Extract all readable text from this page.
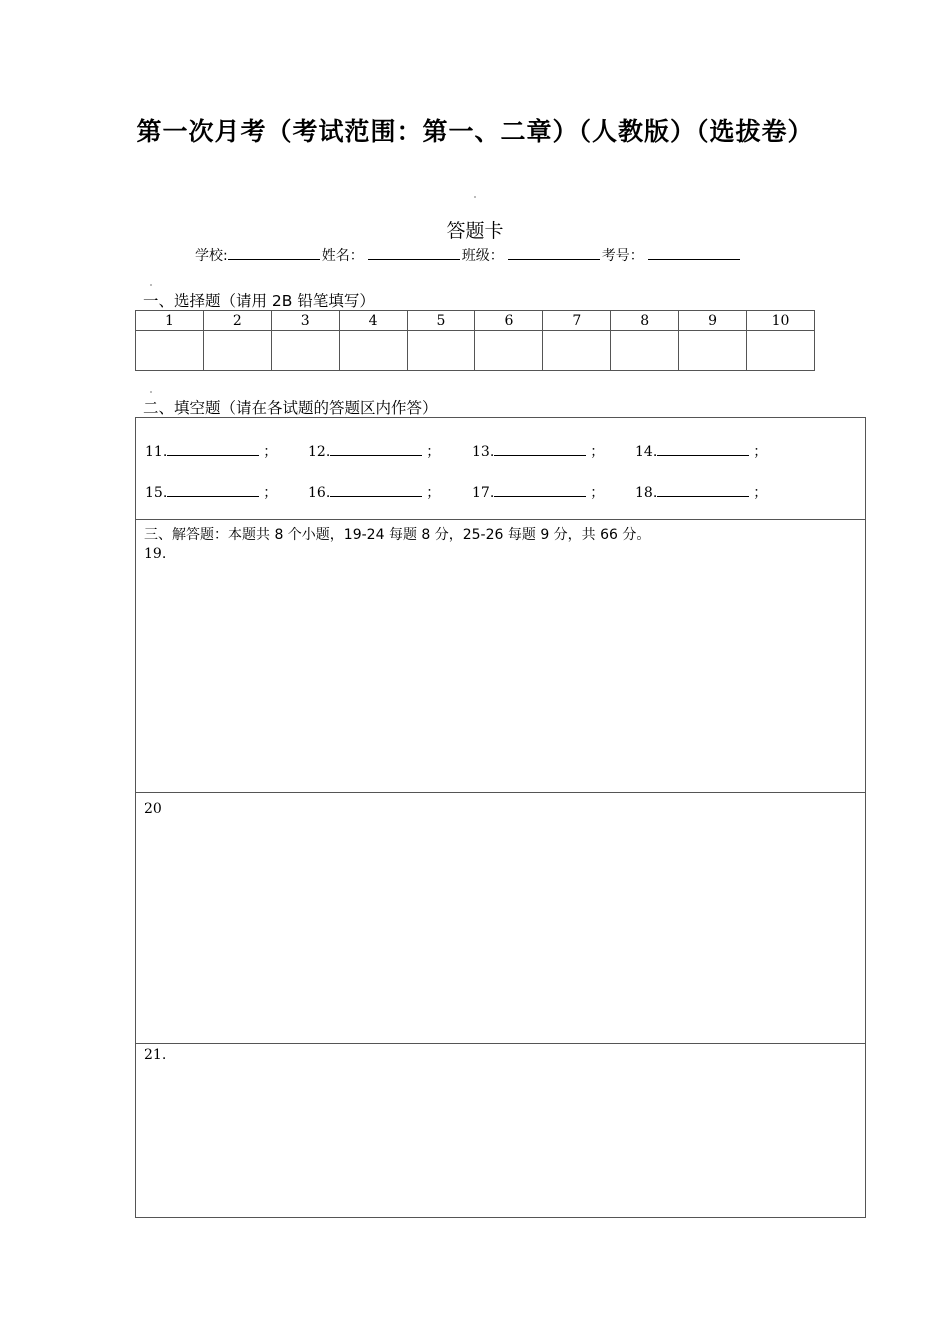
第一次月考（考试范围：第一、二章）（人教版）（选拔卷）
答题卡
学校:	姓名：	班级：	考号：
一、选择题（请用 2B 铅笔填写）
1	2	3	4	5	6	7	8	9	10

二、填空题（请在各试题的答题区内作答）
11.	； 12.	； 13.	； 14.	；
15.	； 16.	； 17.	； 18.	；
三、解答题：本题共 8 个小题，19-24 每题 8 分，25-26 每题 9 分，共 66 分。
19.
20
21.
